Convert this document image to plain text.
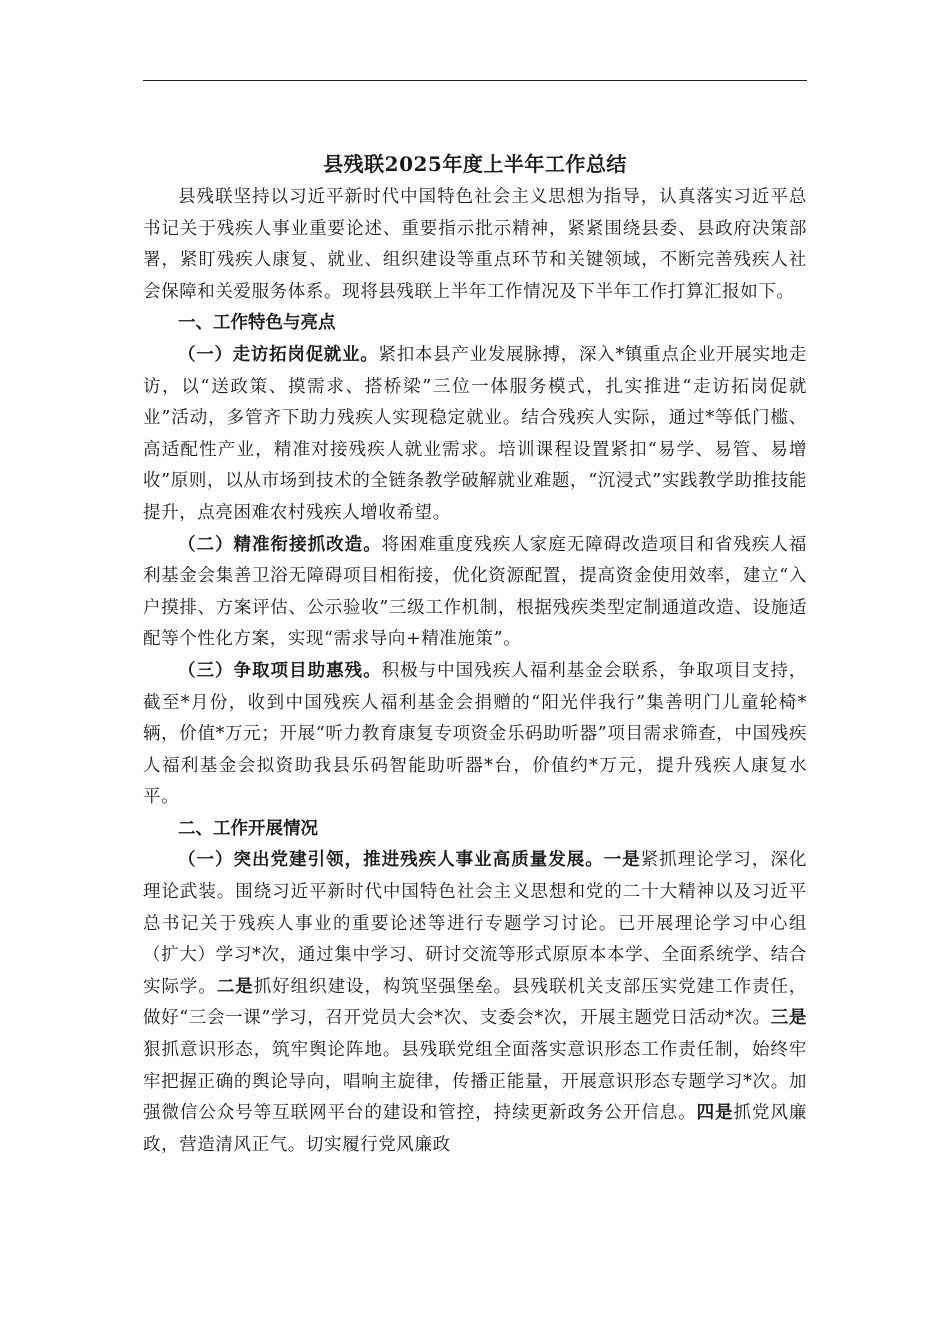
县残联2025年度上半年工作总结

县残联坚持以习近平新时代中国特色社会主义思想为指导，认真落实习近平总书记关于残疾人事业重要论述、重要指示批示精神，紧紧围绕县委、县政府决策部署，紧盯残疾人康复、就业、组织建设等重点环节和关键领域，不断完善残疾人社会保障和关爱服务体系。现将县残联上半年工作情况及下半年工作打算汇报如下。

一、工作特色与亮点

（一）走访拓岗促就业。紧扣本县产业发展脉搏，深入*镇重点企业开展实地走访，以“送政策、摸需求、搭桥梁”三位一体服务模式，扎实推进“走访拓岗促就业”活动，多管齐下助力残疾人实现稳定就业。结合残疾人实际，通过*等低门槛、高适配性产业，精准对接残疾人就业需求。培训课程设置紧扣“易学、易管、易增收”原则，以从市场到技术的全链条教学破解就业难题，“沉浸式”实践教学助推技能提升，点亮困难农村残疾人增收希望。

（二）精准衔接抓改造。将困难重度残疾人家庭无障碍改造项目和省残疾人福利基金会集善卫浴无障碍项目相衔接，优化资源配置，提高资金使用效率，建立“入户摸排、方案评估、公示验收”三级工作机制，根据残疾类型定制通道改造、设施适配等个性化方案，实现“需求导向+精准施策”。

（三）争取项目助惠残。积极与中国残疾人福利基金会联系，争取项目支持，截至*月份，收到中国残疾人福利基金会捐赠的“阳光伴我行”集善明门儿童轮椅*辆，价值*万元；开展“听力教育康复专项资金乐码助听器”项目需求筛查，中国残疾人福利基金会拟资助我县乐码智能助听器*台，价值约*万元，提升残疾人康复水平。

二、工作开展情况

（一）突出党建引领，推进残疾人事业高质量发展。一是紧抓理论学习，深化理论武装。围绕习近平新时代中国特色社会主义思想和党的二十大精神以及习近平总书记关于残疾人事业的重要论述等进行专题学习讨论。已开展理论学习中心组（扩大）学习*次，通过集中学习、研讨交流等形式原原本本学、全面系统学、结合实际学。二是抓好组织建设，构筑坚强堡垒。县残联机关支部压实党建工作责任，做好“三会一课”学习，召开党员大会*次、支委会*次，开展主题党日活动*次。三是狠抓意识形态，筑牢舆论阵地。县残联党组全面落实意识形态工作责任制，始终牢牢把握正确的舆论导向，唱响主旋律，传播正能量，开展意识形态专题学习*次。加强微信公众号等互联网平台的建设和管控，持续更新政务公开信息。四是抓党风廉政，营造清风正气。切实履行党风廉政
